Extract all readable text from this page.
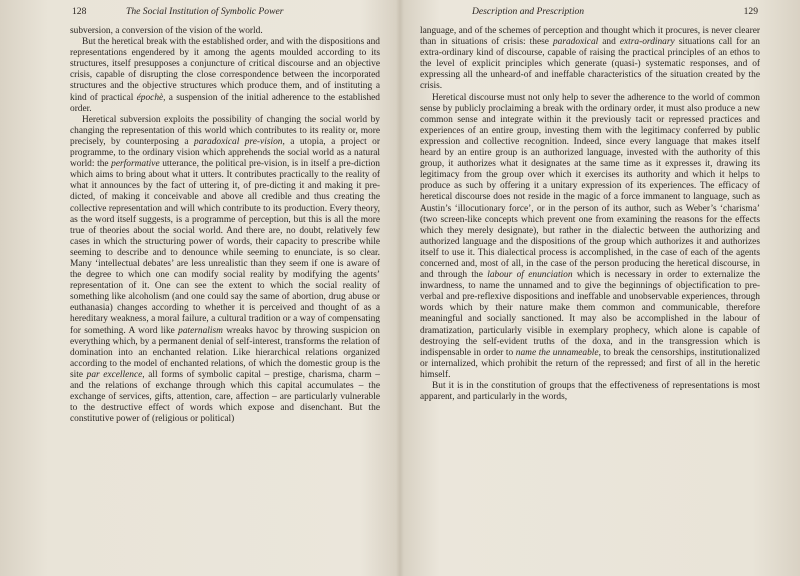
128	The Social Institution of Symbolic Power

subversion, a conversion of the vision of the world.

But the heretical break with the established order, and with the dispositions and representations engendered by it among the agents moulded according to its structures, itself presupposes a conjuncture of critical discourse and an objective crisis, capable of disrupting the close correspondence between the incorporated structures and the objective structures which produce them, and of instituting a kind of practical épochè, a suspension of the initial adherence to the established order.

Heretical subversion exploits the possibility of changing the social world by changing the representation of this world which contributes to its reality or, more precisely, by counterposing a paradoxical pre-vision, a utopia, a project or programme, to the ordinary vision which apprehends the social world as a natural world: the performative utterance, the political pre-vision, is in itself a pre-diction which aims to bring about what it utters. It contributes practically to the reality of what it announces by the fact of uttering it, of pre-dicting it and making it pre-dicted, of making it conceivable and above all credible and thus creating the collective representation and will which contribute to its production. Every theory, as the word itself suggests, is a programme of perception, but this is all the more true of theories about the social world. And there are, no doubt, relatively few cases in which the structuring power of words, their capacity to prescribe while seeming to describe and to denounce while seeming to enunciate, is so clear. Many ‘intellectual debates’ are less unrealistic than they seem if one is aware of the degree to which one can modify social reality by modifying the agents’ representation of it. One can see the extent to which the social reality of something like alcoholism (and one could say the same of abortion, drug abuse or euthanasia) changes according to whether it is perceived and thought of as a hereditary weakness, a moral failure, a cultural tradition or a way of compensating for something. A word like paternalism wreaks havoc by throwing suspicion on everything which, by a permanent denial of self-interest, transforms the relation of domination into an enchanted relation. Like hierarchical relations organized according to the model of enchanted relations, of which the domestic group is the site par excellence, all forms of symbolic capital – prestige, charisma, charm – and the relations of exchange through which this capital accumulates – the exchange of services, gifts, attention, care, affection – are particularly vulnerable to the destructive effect of words which expose and disenchant. But the constitutive power of (religious or political)

Description and Prescription	129

language, and of the schemes of perception and thought which it procures, is never clearer than in situations of crisis: these paradoxical and extra-ordinary situations call for an extra-ordinary kind of discourse, capable of raising the practical principles of an ethos to the level of explicit principles which generate (quasi-) systematic responses, and of expressing all the unheard-of and ineffable characteristics of the situation created by the crisis.

Heretical discourse must not only help to sever the adherence to the world of common sense by publicly proclaiming a break with the ordinary order, it must also produce a new common sense and integrate within it the previously tacit or repressed practices and experiences of an entire group, investing them with the legitimacy conferred by public expression and collective recognition. Indeed, since every language that makes itself heard by an entire group is an authorized language, invested with the authority of this group, it authorizes what it designates at the same time as it expresses it, drawing its legitimacy from the group over which it exercises its authority and which it helps to produce as such by offering it a unitary expression of its experiences. The efficacy of heretical discourse does not reside in the magic of a force immanent to language, such as Austin’s ‘illocutionary force’, or in the person of its author, such as Weber’s ‘charisma’ (two screen-like concepts which prevent one from examining the reasons for the effects which they merely designate), but rather in the dialectic between the authorizing and authorized language and the dispositions of the group which authorizes it and authorizes itself to use it. This dialectical process is accomplished, in the case of each of the agents concerned and, most of all, in the case of the person producing the heretical discourse, in and through the labour of enunciation which is necessary in order to externalize the inwardness, to name the unnamed and to give the beginnings of objectification to pre-verbal and pre-reflexive dispositions and ineffable and unobservable experiences, through words which by their nature make them common and communicable, therefore meaningful and socially sanctioned. It may also be accomplished in the labour of dramatization, particularly visible in exemplary prophecy, which alone is capable of destroying the self-evident truths of the doxa, and in the transgression which is indispensable in order to name the unnameable, to break the censorships, institutionalized or internalized, which prohibit the return of the repressed; and first of all in the heretic himself.

But it is in the constitution of groups that the effectiveness of representations is most apparent, and particularly in the words,
